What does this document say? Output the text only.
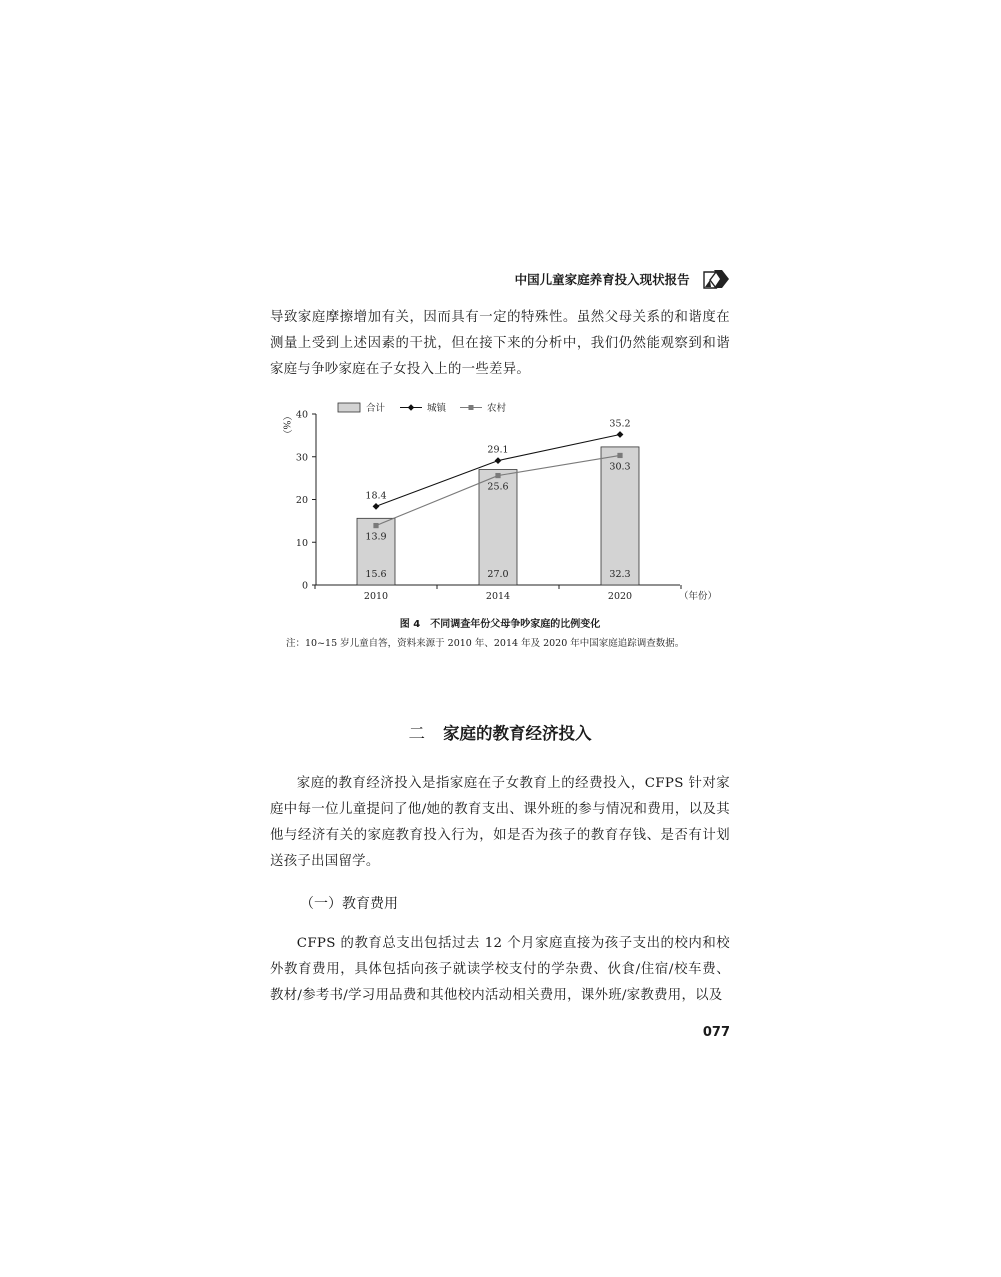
中国儿童家庭养育投入现状报告

导致家庭摩擦增加有关，因而具有一定的特殊性。虽然父母关系的和谐度在测量上受到上述因素的干扰，但在接下来的分析中，我们仍然能观察到和谐家庭与争吵家庭在子女投入上的一些差异。

0
10
20
30
40
2010	2014	2020	（年份）
（%）
15.6	27.0	32.3
18.4
29.1
35.2
13.9
25.6
30.3
合计	城镇	农村
图 4　不同调查年份父母争吵家庭的比例变化

注：10~15 岁儿童自答，资料来源于 2010 年、2014 年及 2020 年中国家庭追踪调查数据。

二 家庭的教育经济投入

家庭的教育经济投入是指家庭在子女教育上的经费投入，CFPS 针对家庭中每一位儿童提问了他/她的教育支出、课外班的参与情况和费用，以及其他与经济有关的家庭教育投入行为，如是否为孩子的教育存钱、是否有计划送孩子出国留学。

（一）教育费用

CFPS 的教育总支出包括过去 12 个月家庭直接为孩子支出的校内和校外教育费用，具体包括向孩子就读学校支付的学杂费、伙食/住宿/校车费、教材/参考书/学习用品费和其他校内活动相关费用，课外班/家教费用，以及

077
